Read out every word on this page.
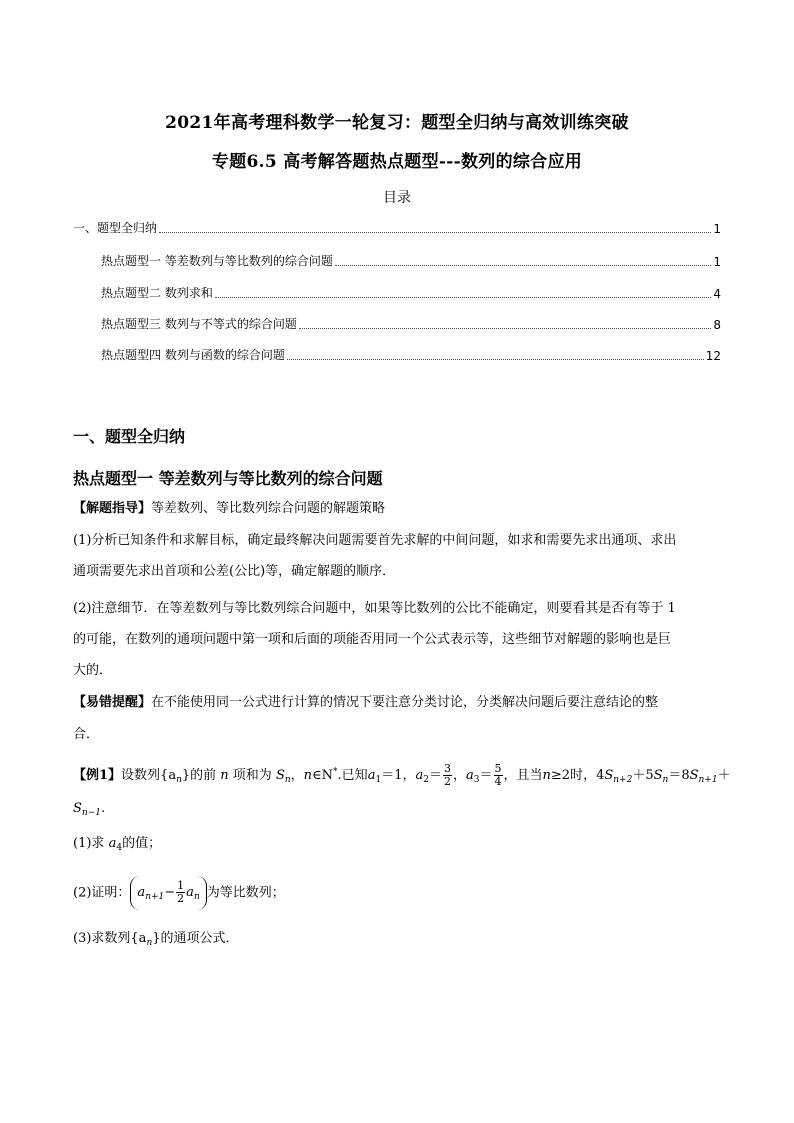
2021年高考理科数学一轮复习：题型全归纳与高效训练突破
专题6.5 高考解答题热点题型---数列的综合应用
目录
一、题型全归纳	1
热点题型一 等差数列与等比数列的综合问题	1
热点题型二 数列求和	4
热点题型三 数列与不等式的综合问题	8
热点题型四 数列与函数的综合问题	12
一、题型全归纳
热点题型一 等差数列与等比数列的综合问题
【解题指导】等差数列、等比数列综合问题的解题策略
(1)分析已知条件和求解目标，确定最终解决问题需要首先求解的中间问题，如求和需要先求出通项、求出
通项需要先求出首项和公差(公比)等，确定解题的顺序．
(2)注意细节．在等差数列与等比数列综合问题中，如果等比数列的公比不能确定，则要看其是否有等于 1
的可能，在数列的通项问题中第一项和后面的项能否用同一个公式表示等，这些细节对解题的影响也是巨
大的．
【易错提醒】在不能使用同一公式进行计算的情况下要注意分类讨论，分类解决问题后要注意结论的整
合．
【例1】设数列$\{a_n\}$的前 n 项和为 $S_n$，n∈N*.已知$a_1=1$，$a_2= \frac{3}{2}$ ，$a_3= \frac{5}{4}$ ，且当n≥2时，$4S_{n+2}+5S_n=8S_{n+1}+$
$S_{n-1}$.
(1)求 $a_4$的值；
(2)证明： $a_{n+1}- \frac{1}{2} a_n$ 为等比数列；
(3)求数列$\{a_n\}$的通项公式．
